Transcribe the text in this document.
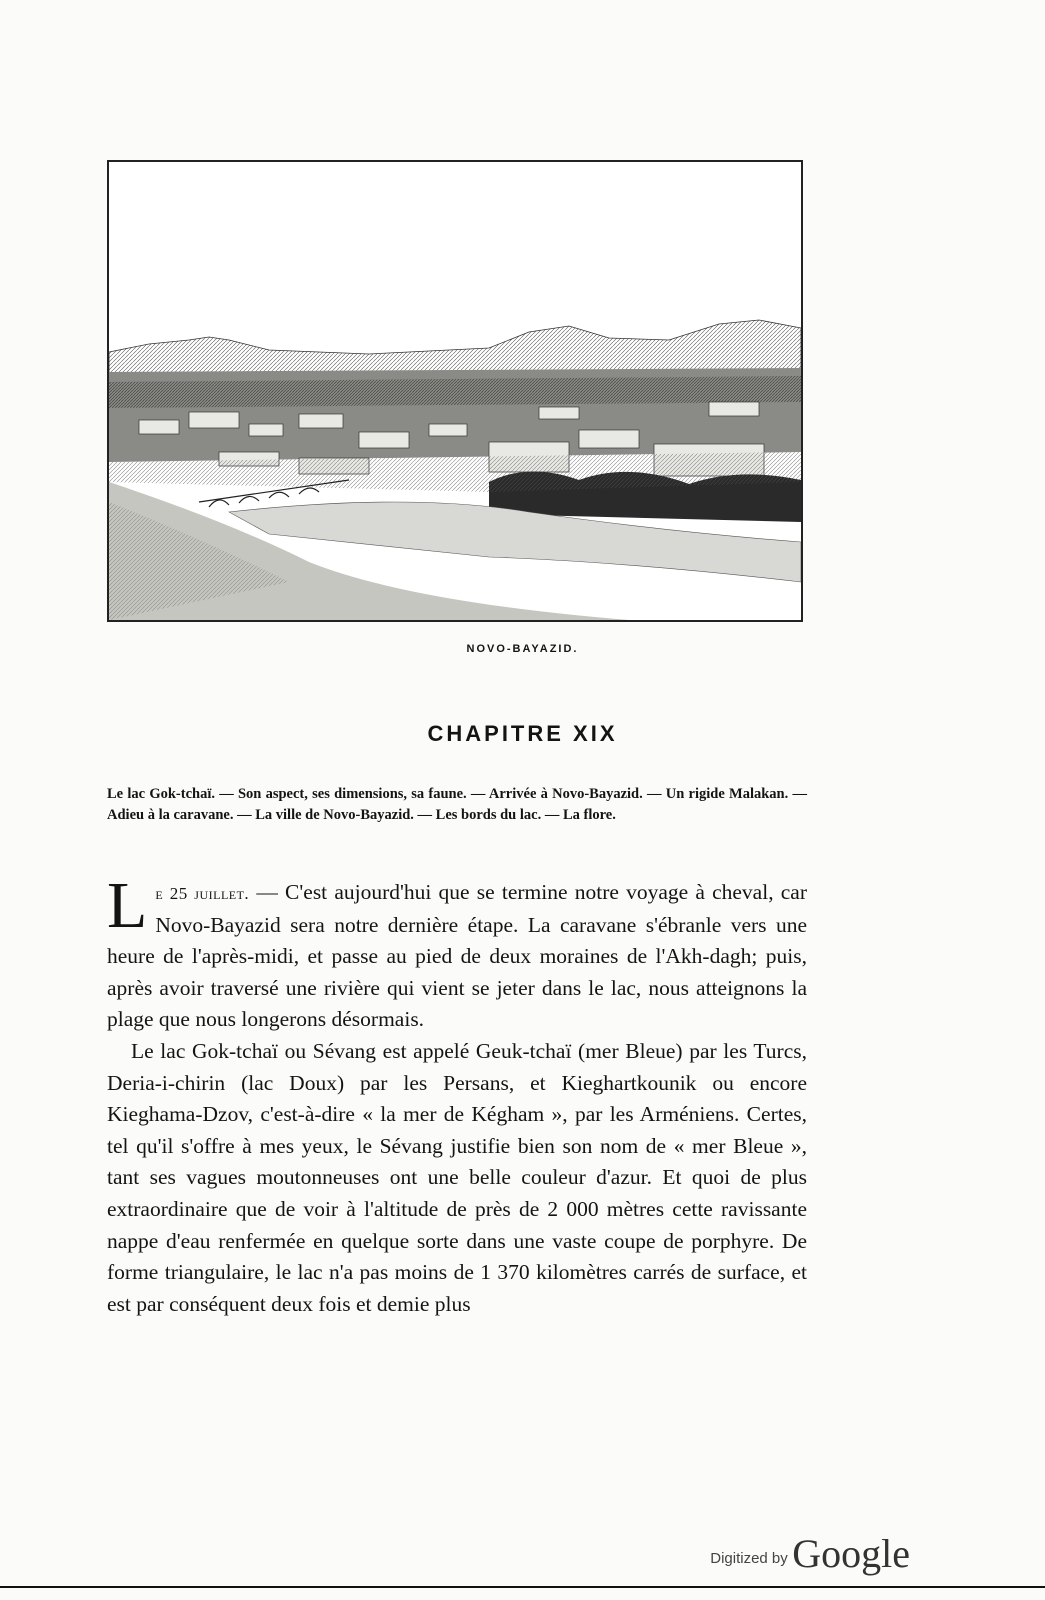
NOVO-BAYAZID.
CHAPITRE XIX
Le lac Gok-tchaï. — Son aspect, ses dimensions, sa faune. — Arrivée à Novo-Bayazid. — Un rigide Malakan. — Adieu à la caravane. — La ville de Novo-Bayazid. — Les bords du lac. — La flore.

Le 25 juillet. — C'est aujourd'hui que se termine notre voyage à cheval, car Novo-Bayazid sera notre dernière étape. La caravane s'ébranle vers une heure de l'après-midi, et passe au pied de deux moraines de l'Akh-dagh; puis, après avoir traversé une rivière qui vient se jeter dans le lac, nous atteignons la plage que nous longerons désormais.

Le lac Gok-tchaï ou Sévang est appelé Geuk-tchaï (mer Bleue) par les Turcs, Deria-i-chirin (lac Doux) par les Persans, et Kieghartkounik ou encore Kieghama-Dzov, c'est-à-dire « la mer de Kégham », par les Arméniens. Certes, tel qu'il s'offre à mes yeux, le Sévang justifie bien son nom de « mer Bleue », tant ses vagues moutonneuses ont une belle couleur d'azur. Et quoi de plus extraordinaire que de voir à l'altitude de près de 2 000 mètres cette ravissante nappe d'eau renfermée en quelque sorte dans une vaste coupe de porphyre. De forme triangulaire, le lac n'a pas moins de 1 370 kilomètres carrés de surface, et est par conséquent deux fois et demie plus

Digitized by Google
